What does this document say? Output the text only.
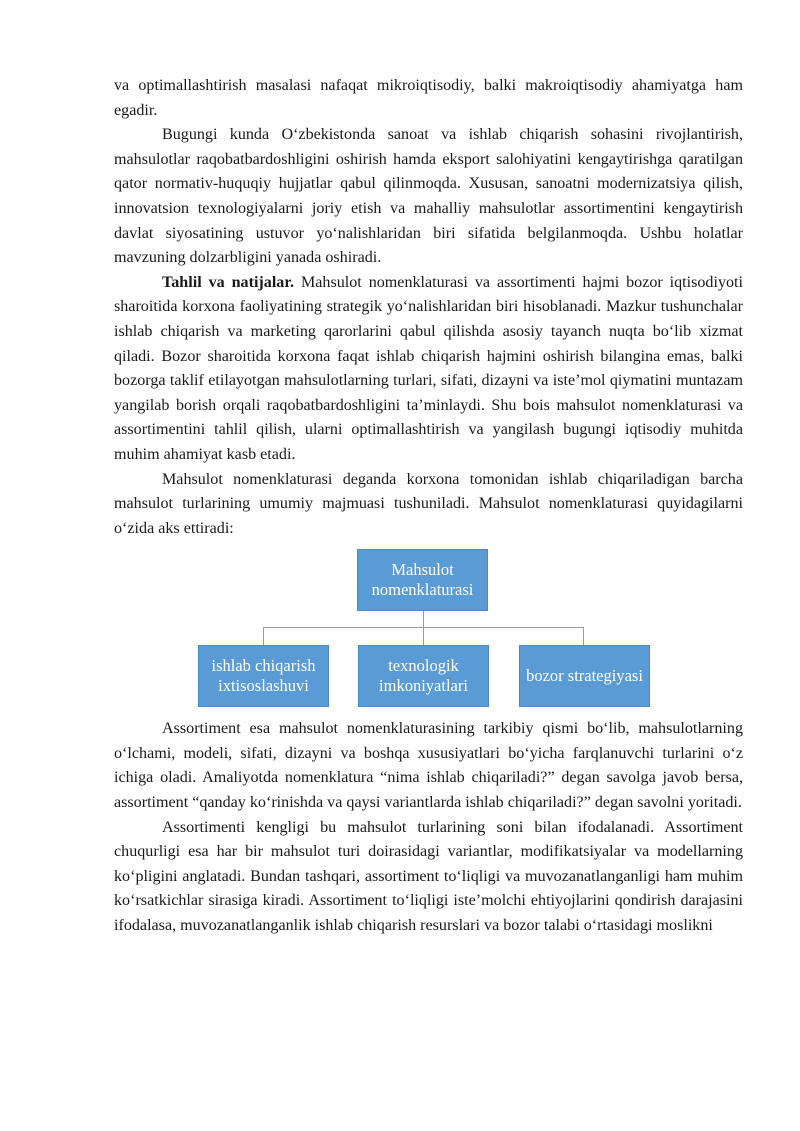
va optimallashtirish masalasi nafaqat mikroiqtisodiy, balki makroiqtisodiy ahamiyatga ham egadir.

Bugungi kunda O‘zbekistonda sanoat va ishlab chiqarish sohasini rivojlantirish, mahsulotlar raqobatbardoshligini oshirish hamda eksport salohiyatini kengaytirishga qaratilgan qator normativ-huquqiy hujjatlar qabul qilinmoqda. Xususan, sanoatni modernizatsiya qilish, innovatsion texnologiyalarni joriy etish va mahalliy mahsulotlar assortimentini kengaytirish davlat siyosatining ustuvor yo‘nalishlaridan biri sifatida belgilanmoqda. Ushbu holatlar mavzuning dolzarbligini yanada oshiradi.

Tahlil va natijalar. Mahsulot nomenklaturasi va assortimenti hajmi bozor iqtisodiyoti sharoitida korxona faoliyatining strategik yo‘nalishlaridan biri hisoblanadi. Mazkur tushunchalar ishlab chiqarish va marketing qarorlarini qabul qilishda asosiy tayanch nuqta bo‘lib xizmat qiladi. Bozor sharoitida korxona faqat ishlab chiqarish hajmini oshirish bilangina emas, balki bozorga taklif etilayotgan mahsulotlarning turlari, sifati, dizayni va iste’mol qiymatini muntazam yangilab borish orqali raqobatbardoshligini ta’minlaydi. Shu bois mahsulot nomenklaturasi va assortimentini tahlil qilish, ularni optimallashtirish va yangilash bugungi iqtisodiy muhitda muhim ahamiyat kasb etadi.

Mahsulot nomenklaturasi deganda korxona tomonidan ishlab chiqariladigan barcha mahsulot turlarining umumiy majmuasi tushuniladi. Mahsulot nomenklaturasi quyidagilarni o‘zida aks ettiradi:

Mahsulot nomenklaturasi
ishlab chiqarish ixtisoslashuvi
texnologik imkoniyatlari
bozor strategiyasi

Assortiment esa mahsulot nomenklaturasining tarkibiy qismi bo‘lib, mahsulotlarning o‘lchami, modeli, sifati, dizayni va boshqa xususiyatlari bo‘yicha farqlanuvchi turlarini o‘z ichiga oladi. Amaliyotda nomenklatura “nima ishlab chiqariladi?” degan savolga javob bersa, assortiment “qanday ko‘rinishda va qaysi variantlarda ishlab chiqariladi?” degan savolni yoritadi.

Assortimenti kengligi bu mahsulot turlarining soni bilan ifodalanadi. Assortiment chuqurligi esa har bir mahsulot turi doirasidagi variantlar, modifikatsiyalar va modellarning ko‘pligini anglatadi. Bundan tashqari, assortiment to‘liqligi va muvozanatlanganligi ham muhim ko‘rsatkichlar sirasiga kiradi. Assortiment to‘liqligi iste’molchi ehtiyojlarini qondirish darajasini ifodalasa, muvozanatlanganlik ishlab chiqarish resurslari va bozor talabi o‘rtasidagi moslikni
